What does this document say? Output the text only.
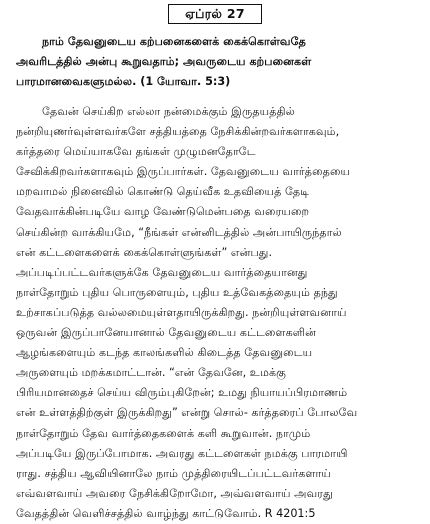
ஏப்ரல் 27
நாம் தேவனுடைய கற்பனைகளைக் கைக்கொள்வதே
அவரிடத்தில் அன்பு கூறுவதாம்; அவருடைய கற்பனைகள்
பாரமானவைகளுமல்ல. (1 யோவா. 5:3)
தேவன் செய்கிற எல்லா நன்மைக்கும் இருதயத்தில்
நன்றியுணர்வுள்ளவர்களே சத்தியத்தை நேசிக்கின்றவர்களாகவும்,
கர்த்தரை மெய்யாகவே தங்கள் முழுமனதோடே
சேவிக்கிறவர்களாகவும் இருப்பார்கள். தேவனுடைய வார்த்தையை
மறவாமல் நினைவில் கொண்டு தெய்வீக உதவியைத் தேடி
வேதவாக்கின்படியே வாழ வேண்டுமென்பதை வரையறை
செய்கின்ற வாக்கியமே, “நீங்கள் என்னிடத்தில் அன்பாயிருந்தால்
என் கட்டளைகளைக் கைக்கொள்ளுங்கள்” என்பது.
அப்படிப்பட்டவர்களுக்கே தேவனுடைய வார்த்தையானது
நாள்தோறும் புதிய பொருளையும், புதிய உத்வேகத்தையும் தந்து
உற்சாகப்படுத்த வல்லமையுள்ளதாயிருக்கிறது. நன்றியுள்ளவனாய்
ஒருவன் இருப்பானேயானால் தேவனுடைய கட்டளைகளின்
ஆழங்களையும் கடந்த காலங்களில் கிடைத்த தேவனுடைய
அருளையும் மறக்கமாட்டான். “என் தேவனே, உமக்கு
பிரியமானதைச் செய்ய விரும்புகிறேன்; உமது நியாயப்பிரமாணம்
என் உள்ளத்திற்குள் இருக்கிறது” என்று சொல்- கர்த்தரைப் போலவே
நாள்தோறும் தேவ வார்த்தைகளைக் களி கூறுவான். நாமும்
அப்படியே இருப்போமாக. அவரது கட்டளைகள் நமக்கு பாரமாயி
ராது. சத்திய ஆவியினாலே நாம் முத்திரையிடப்பட்டவர்களாய்
எவ்வளவாய் அவரை நேசிக்கிறோமோ, அவ்வளவாய் அவரது
வேதத்தின் வெளிச்சத்தில் வாழ்ந்து காட்டுவோம். R 4201:5
